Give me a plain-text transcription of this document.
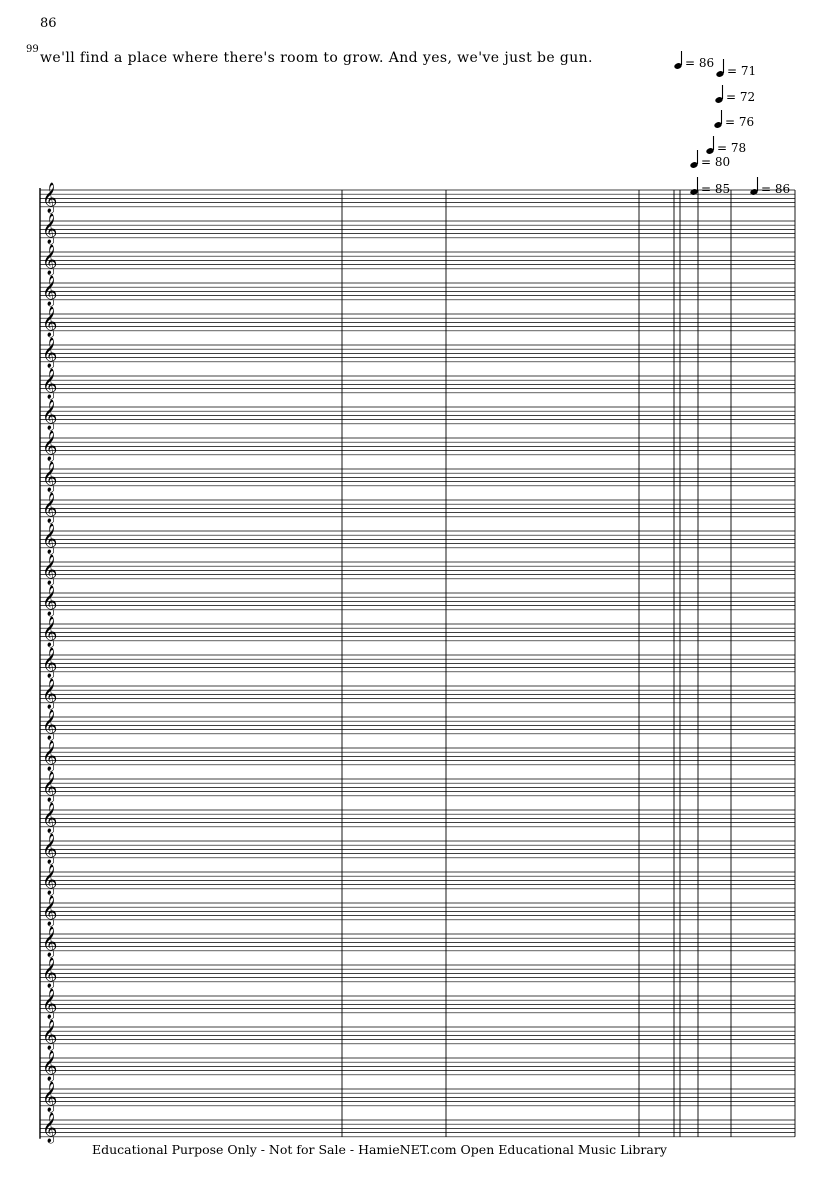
86
99
we'll find a place where there's room to grow. And yes, we've just be gun.	= 86
= 71
= 72
= 76
= 78
= 80
= 85	= 86
𝄞
𝄞
𝄞
𝄞
𝄞
𝄞
𝄞
𝄞
𝄞
𝄞
𝄞
𝄞
𝄞
𝄞
𝄞
𝄞
𝄞
𝄞
𝄞
𝄞
𝄞
𝄞
𝄞
𝄞
𝄞
𝄞
𝄞
𝄞
𝄞
𝄞
𝄞
Educational Purpose Only - Not for Sale - HamieNET.com Open Educational Music Library
